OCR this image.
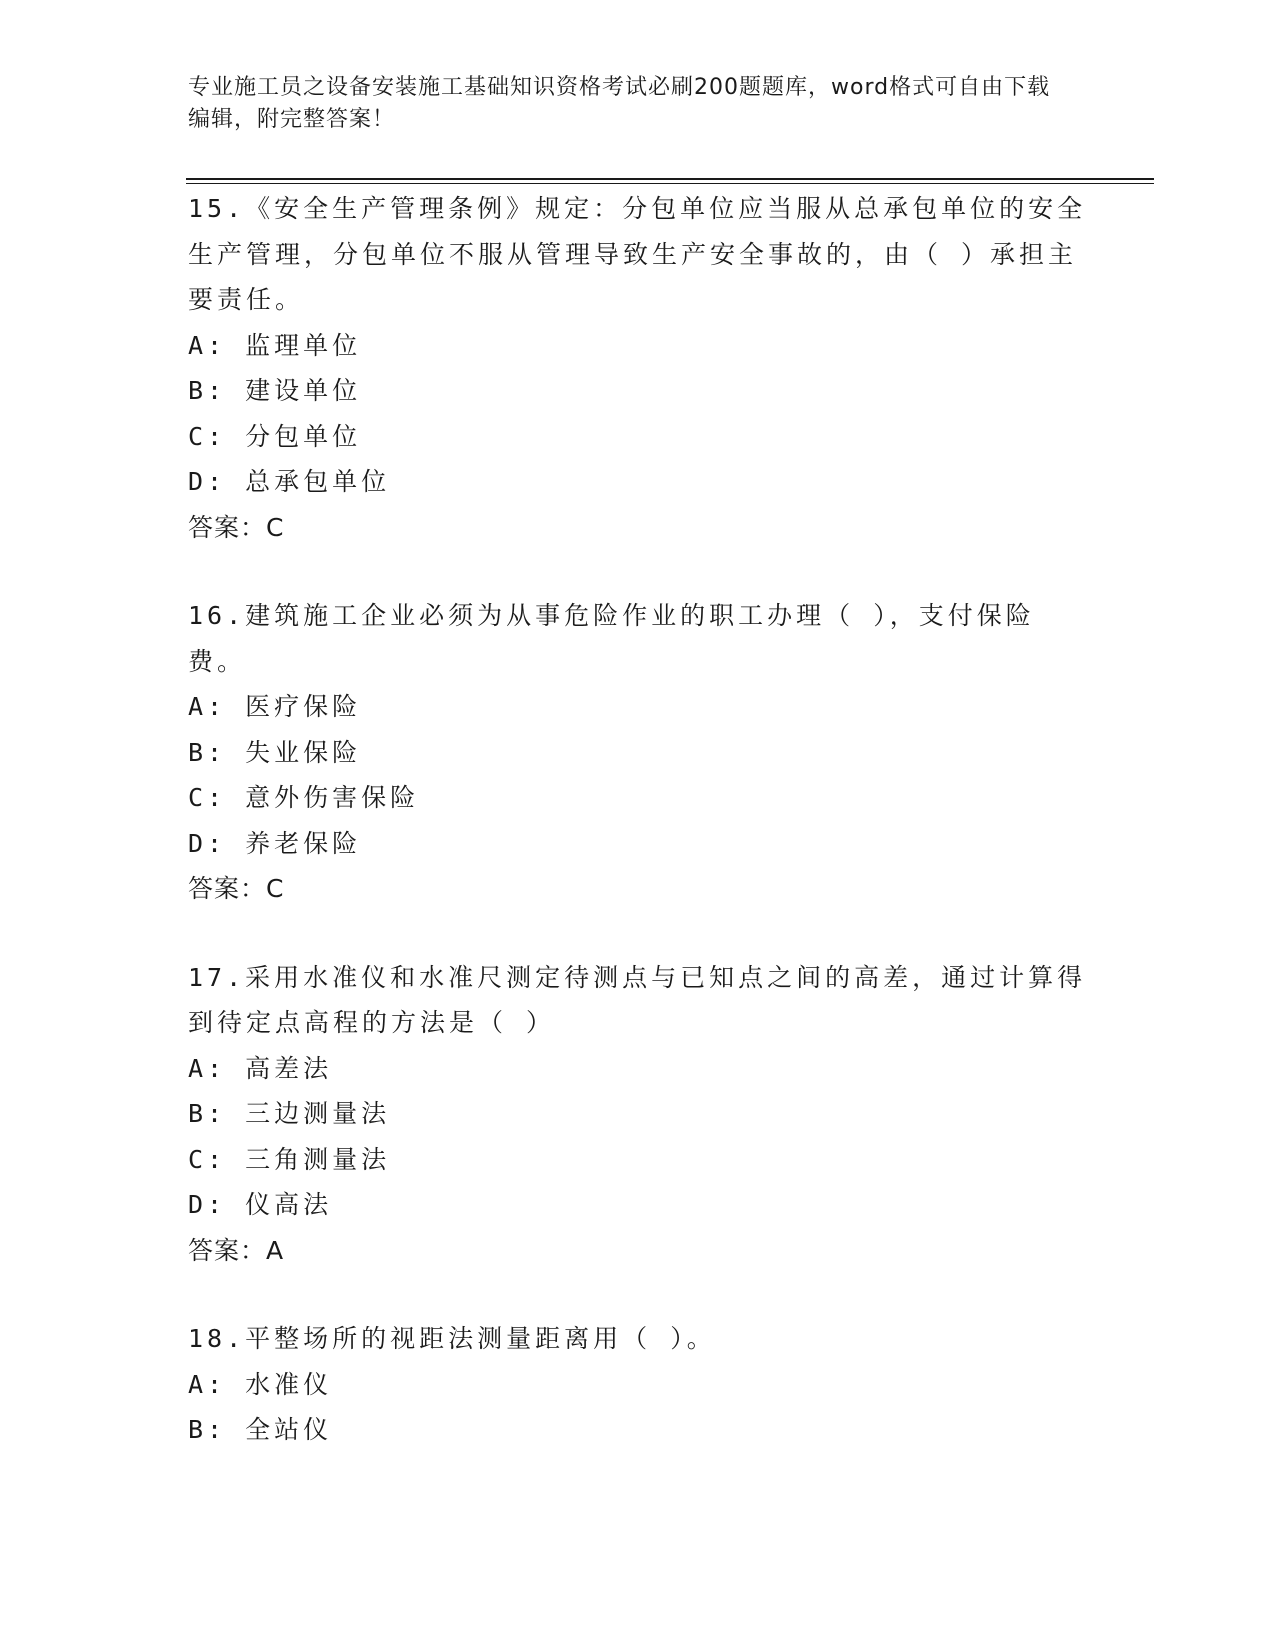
专业施工员之设备安装施工基础知识资格考试必刷200题题库，word格式可自由下载编辑，附完整答案！

15.《安全生产管理条例》规定：分包单位应当服从总承包单位的安全生产管理，分包单位不服从管理导致生产安全事故的，由（ ）承担主要责任。

A: 监理单位

B: 建设单位

C: 分包单位

D: 总承包单位

答案：C

16.建筑施工企业必须为从事危险作业的职工办理（ ），支付保险费。

A: 医疗保险

B: 失业保险

C: 意外伤害保险

D: 养老保险

答案：C

17.采用水准仪和水准尺测定待测点与已知点之间的高差，通过计算得到待定点高程的方法是（ ）

A: 高差法

B: 三边测量法

C: 三角测量法

D: 仪高法

答案：A

18.平整场所的视距法测量距离用（ ）。

A: 水准仪

B: 全站仪
